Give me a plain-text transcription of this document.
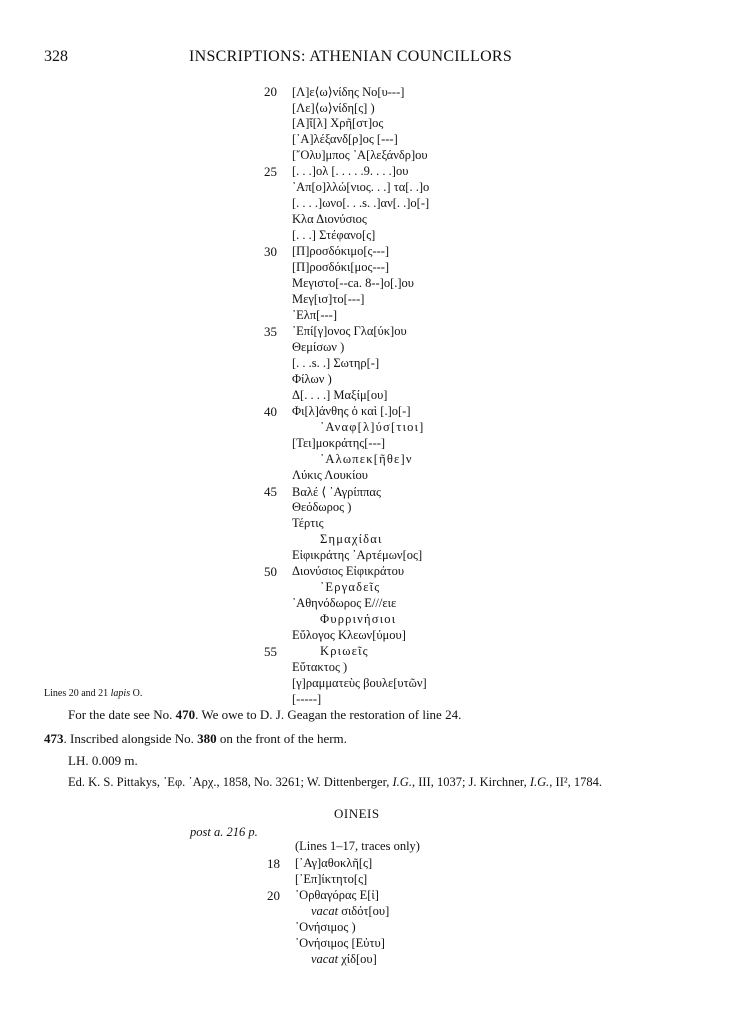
328	INSCRIPTIONS: ATHENIAN COUNCILLORS
20 [Λ]ε⟨ω⟩νίδης Νο[υ---]
[Λε]⟨ω⟩νίδη[ς] )
[Α]ἴ[λ] Χρῆ[στ]ος
[᾿Α]λέξανδ[ρ]ος [---]
[῎Ολυ]μπος ᾿Α[λεξάνδρ]ου
25 [. . .]ολ [. . . . .9. . . .]ου
᾿Απ[ο]λλώ[νιος. . .] τα[. .]ο
[. . . .]ωνο[. . .s. .]αν[. .]ο[-]
Κλα Διονύσιος
[. . .] Στέφανο[ς]
30 [Π]ροσδόκιμο[ς---]
[Π]ροσδόκι[μος---]
Μεγιστο[--ca. 8--]ο[.]ου
Μεγ[ισ]το[---]
᾿Ελπ[---]
35 ᾿Επί[γ]ονος Γλα[ύκ]ου
Θεμίσων )
[. . .s. .] Σωτηρ[-]
Φίλων )
Δ[. . . .] Μαξίμ[ου]
40 Φι[λ]άνθης ὁ καὶ [.]ο[-]
᾿Αναφ[λ]ύσ[τιοι]
[Τει]μοκράτης[---]
᾿Αλωπεκ[ῆθε]ν
Λύκις Λουκίου
45 Βαλέ ⟨ ᾿Αγρίππας
Θεόδωρος )
Τέρτις
Σημαχίδαι
Εἰφικράτης ᾿Αρτέμων[ος]
50 Διονύσιος Εἰφικράτου
᾿Εργαδεῖς
᾿Αθηνόδωρος Ε///ειε
Φυρρινήσιοι
Εὔλογος Κλεων[ύμου]
55	Κριωεῖς
Εὔτακτος )
[γ]ραμματεὺς βουλε[υτῶν]
[-----]
Lines 20 and 21 lapis O.
For the date see No. 470. We owe to D. J. Geagan the restoration of line 24.
473. Inscribed alongside No. 380 on the front of the herm.
LH. 0.009 m.
Ed. K. S. Pittakys, ᾿Εφ. ᾿Αρχ., 1858, No. 3261; W. Dittenberger, I.G., III, 1037; J. Kirchner, I.G., II², 1784.
OINEIS
post a. 216 p.
(Lines 1–17, traces only)
18 [᾿Αγ]αθοκλῆ[ς]
[᾿Επ]ίκτητο[ς]
20 ᾿Ορθαγόρας Ε[ἰ]
vacat σιδότ[ου]
᾿Ονήσιμος )
᾿Ονήσιμος [Εὐτυ]
vacat χίδ[ου]
